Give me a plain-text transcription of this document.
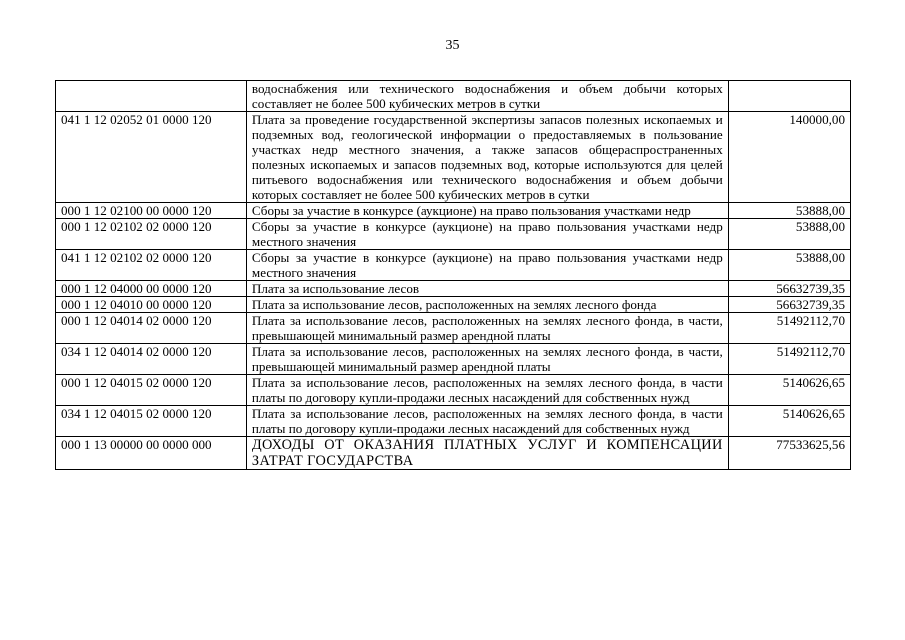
35
	водоснабжения или технического водоснабжения и объем добычи которых составляет не более 500 кубических метров в сутки	
041 1 12 02052 01 0000 120	Плата за проведение государственной экспертизы запасов полезных ископаемых и подземных вод, геологической информации о предоставляемых в пользование участках недр местного значения, а также запасов общераспространенных полезных ископаемых и запасов подземных вод, которые используются для целей питьевого водоснабжения или технического водоснабжения и объем добычи которых составляет не более 500 кубических метров в сутки	140000,00
000 1 12 02100 00 0000 120	Сборы за участие в конкурсе (аукционе) на право пользования участками недр	53888,00
000 1 12 02102 02 0000 120	Сборы за участие в конкурсе (аукционе) на право пользования участками недр местного значения	53888,00
041 1 12 02102 02 0000 120	Сборы за участие в конкурсе (аукционе) на право пользования участками недр местного значения	53888,00
000 1 12 04000 00 0000 120	Плата за использование лесов	56632739,35
000 1 12 04010 00 0000 120	Плата за использование лесов, расположенных на землях лесного фонда	56632739,35
000 1 12 04014 02 0000 120	Плата за использование лесов, расположенных на землях лесного фонда, в части, превышающей минимальный размер арендной платы	51492112,70
034 1 12 04014 02 0000 120	Плата за использование лесов, расположенных на землях лесного фонда, в части, превышающей минимальный размер арендной платы	51492112,70
000 1 12 04015 02 0000 120	Плата за использование лесов, расположенных на землях лесного фонда, в части платы по договору купли-продажи лесных насаждений для собственных нужд	5140626,65
034 1 12 04015 02 0000 120	Плата за использование лесов, расположенных на землях лесного фонда, в части платы по договору купли-продажи лесных насаждений для собственных нужд	5140626,65
000 1 13 00000 00 0000 000	ДОХОДЫ ОТ ОКАЗАНИЯ ПЛАТНЫХ УСЛУГ И КОМПЕНСАЦИИ ЗАТРАТ ГОСУДАРСТВА	77533625,56
